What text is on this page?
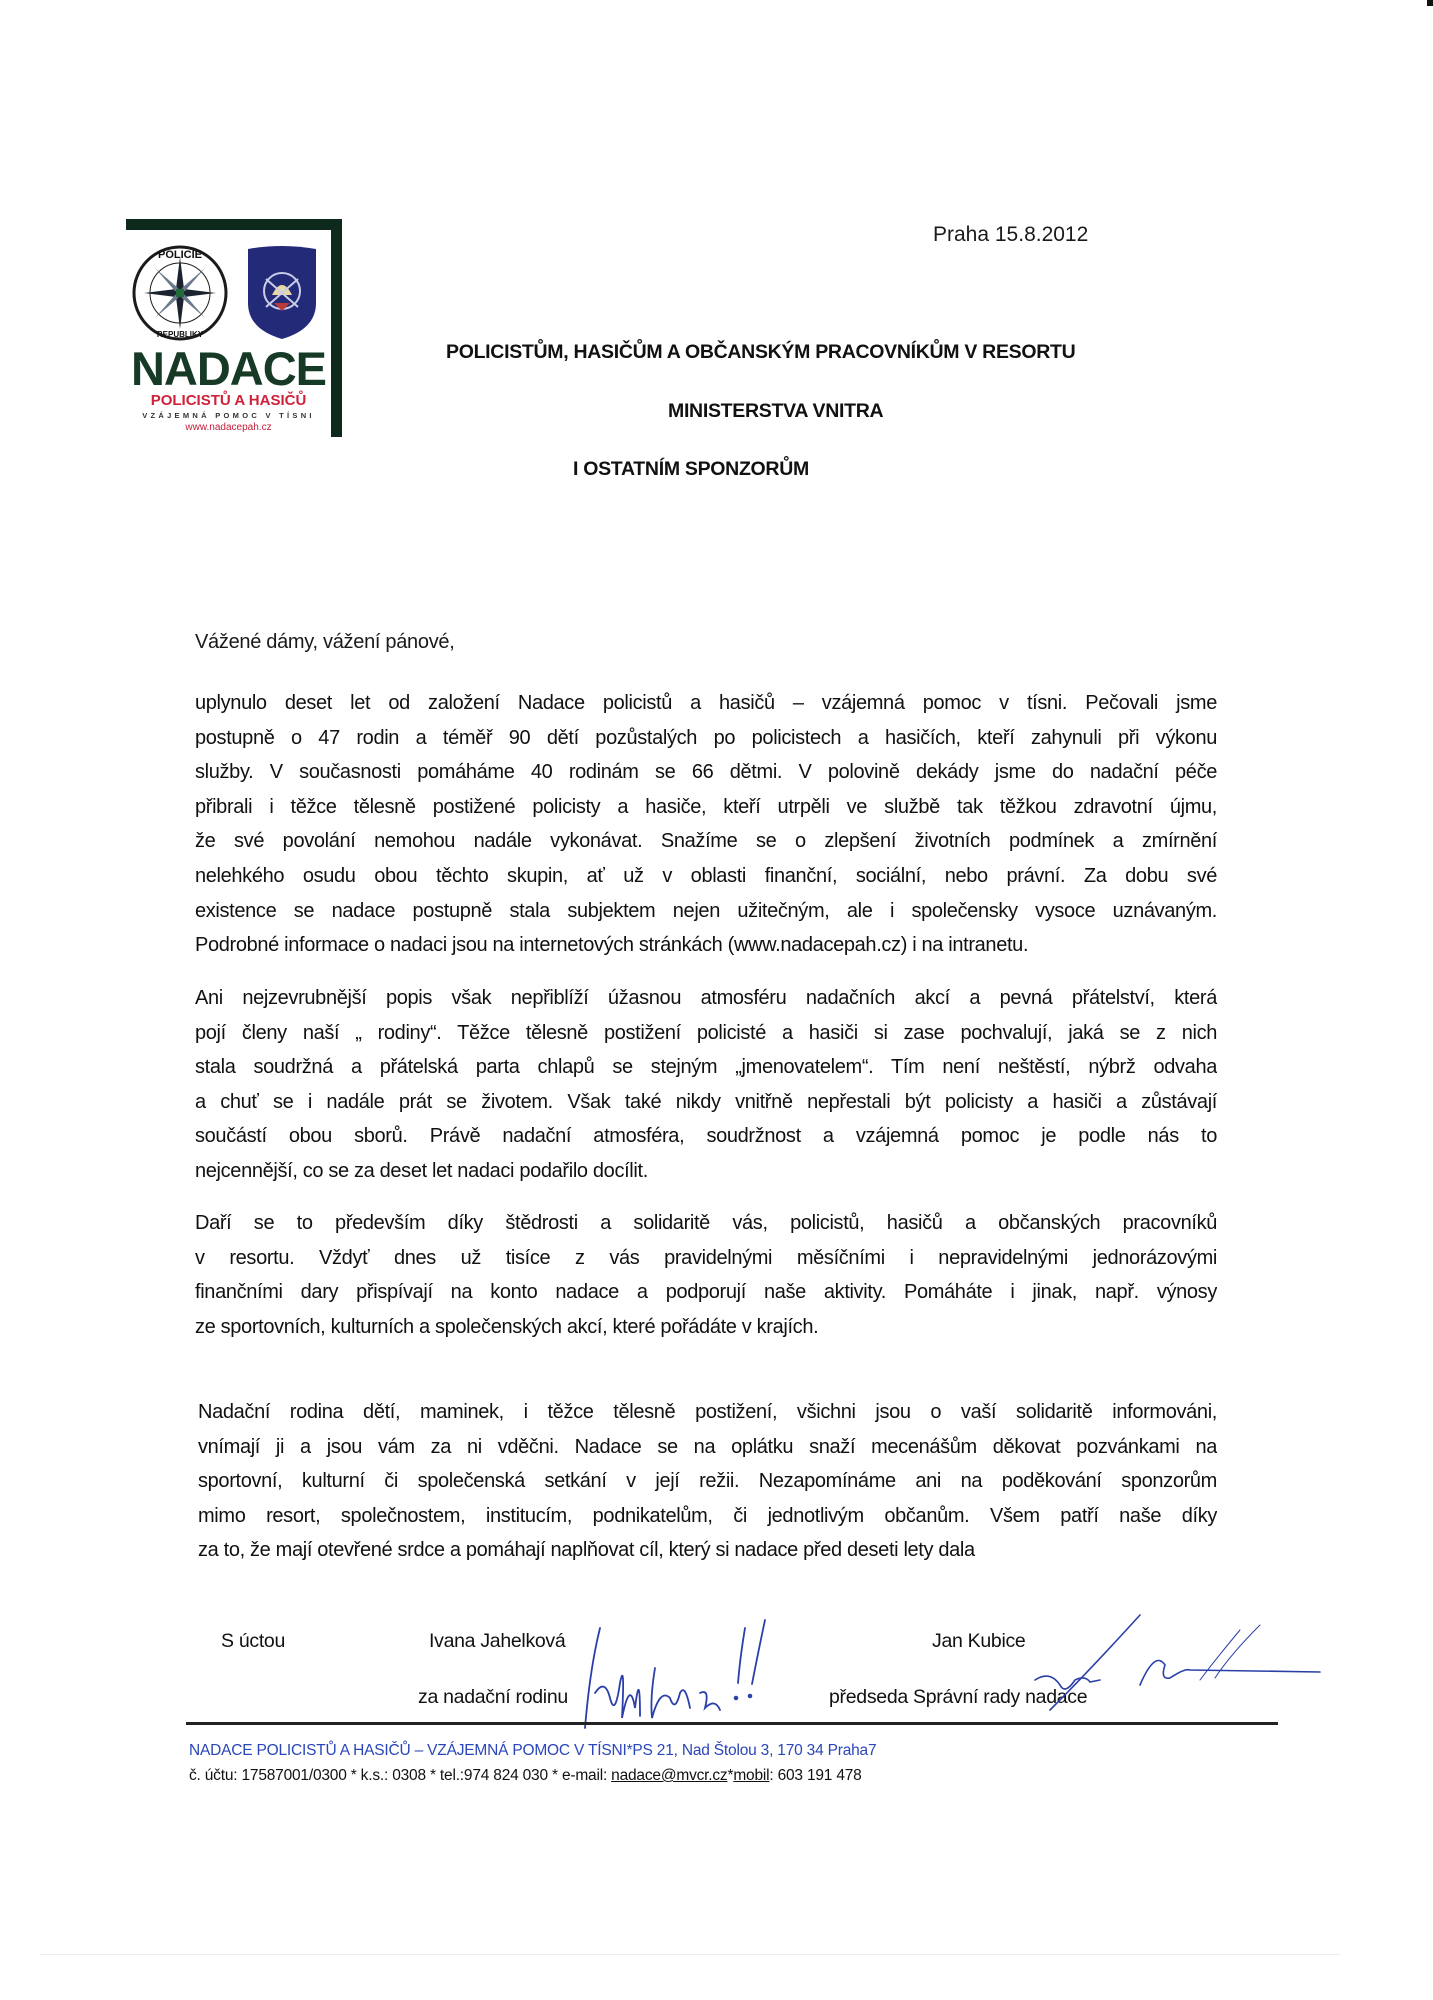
POLICIE
REPUBLIKY
NADACE
POLICISTŮ A HASIČŮ
VZÁJEMNÁ POMOC V TÍSNI
www.nadacepah.cz
Praha 15.8.2012
POLICISTŮM, HASIČŮM A OBČANSKÝM PRACOVNÍKŮM V RESORTU
MINISTERSTVA VNITRA
I OSTATNÍM SPONZORŮM
Vážené dámy, vážení pánové,
uplynulo deset let od založení Nadace policistů a hasičů – vzájemná pomoc v tísni. Pečovali jsme
postupně o 47 rodin a téměř 90 dětí pozůstalých po policistech a hasičích, kteří zahynuli při výkonu
služby. V současnosti pomáháme 40 rodinám se 66 dětmi. V polovině dekády jsme do nadační péče
přibrali i těžce tělesně postižené policisty a hasiče, kteří utrpěli ve službě tak těžkou zdravotní újmu,
že své povolání nemohou nadále vykonávat. Snažíme se o zlepšení životních podmínek a zmírnění
nelehkého osudu obou těchto skupin, ať už v oblasti finanční, sociální, nebo právní. Za dobu své
existence se nadace postupně stala subjektem nejen užitečným, ale i společensky vysoce uznávaným.
Podrobné informace o nadaci jsou na internetových stránkách (www.nadacepah.cz) i na intranetu.
Ani nejzevrubnější popis však nepřiblíží úžasnou atmosféru nadačních akcí a pevná přátelství, která
pojí členy naší „ rodiny“. Těžce tělesně postižení policisté a hasiči si zase pochvalují, jaká se z nich
stala soudržná a přátelská parta chlapů se stejným „jmenovatelem“. Tím není neštěstí, nýbrž odvaha
a chuť se i nadále prát se životem. Však také nikdy vnitřně nepřestali být policisty a hasiči a zůstávají
součástí obou sborů. Právě nadační atmosféra, soudržnost a vzájemná pomoc je podle nás to
nejcennější, co se za deset let nadaci podařilo docílit.
Daří se to především díky štědrosti a solidaritě vás, policistů, hasičů a občanských pracovníků
v resortu. Vždyť dnes už tisíce z vás pravidelnými měsíčními i nepravidelnými jednorázovými
finančními dary přispívají na konto nadace a podporují naše aktivity. Pomáháte i jinak, např. výnosy
ze sportovních, kulturních a společenských akcí, které pořádáte v krajích.
Nadační rodina dětí, maminek, i těžce tělesně postižení, všichni jsou o vaší solidaritě informováni,
vnímají ji a jsou vám za ni vděčni. Nadace se na oplátku snaží mecenášům děkovat pozvánkami na
sportovní, kulturní či společenská setkání v její režii. Nezapomínáme ani na poděkování sponzorům
mimo resort, společnostem, institucím, podnikatelům, či jednotlivým občanům. Všem patří naše díky
za to, že mají otevřené srdce a pomáhají naplňovat cíl, který si nadace před deseti lety dala
S úctou	Ivana Jahelková
za nadační rodinu
Jan Kubice
předseda Správní rady nadace
NADACE POLICISTŮ A HASIČŮ – VZÁJEMNÁ POMOC V TÍSNI*PS 21, Nad Štolou 3, 170 34 Praha7
č. účtu: 17587001/0300 * k.s.: 0308 * tel.:974 824 030 * e-mail: nadace@mvcr.cz*mobil: 603 191 478
